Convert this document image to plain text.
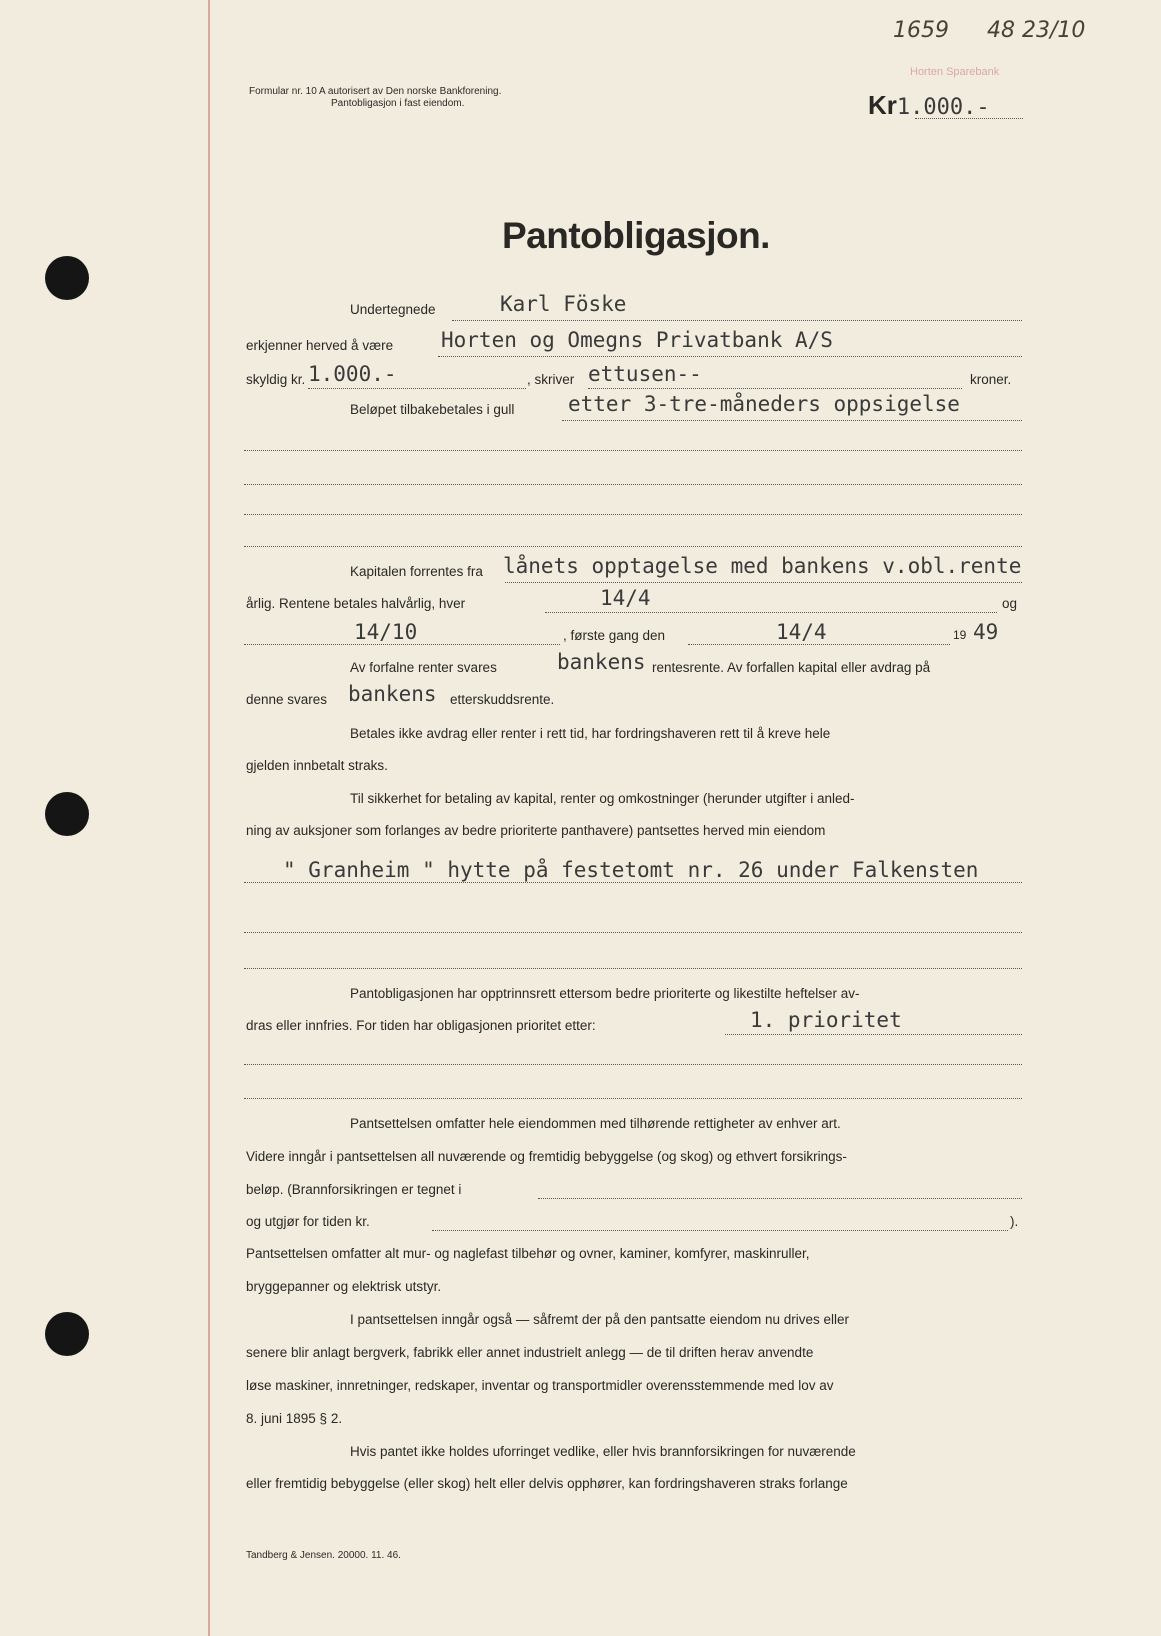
Formular nr. 10 A autorisert av Den norske Bankforening.
Pantobligasjon i fast eiendom.
1659 48 23/10
Horten Sparebank
Kr1.000.-
Pantobligasjon.
Undertegnede	Karl Föske
erkjenner herved å være Horten og Omegns Privatbank A/S
skyldig kr. 1.000.-	, skriver ettusen--	kroner.
Beløpet tilbakebetales i gull	etter 3-tre-måneders oppsigelse
Kapitalen forrentes fra lånets opptagelse med bankens v.obl.rente
årlig. Rentene betales halvårlig, hver	14/4	og
14/10	, første gang den	14/4	19 49
Av forfalne renter svares	bankens rentesrente. Av forfallen kapital eller avdrag på
denne svares bankens etterskuddsrente.
Betales ikke avdrag eller renter i rett tid, har fordringshaveren rett til å kreve hele
gjelden innbetalt straks.
Til sikkerhet for betaling av kapital, renter og omkostninger (herunder utgifter i anled-
ning av auksjoner som forlanges av bedre prioriterte panthavere) pantsettes herved min eiendom
" Granheim " hytte på festetomt nr. 26 under Falkensten
Pantobligasjonen har opptrinnsrett ettersom bedre prioriterte og likestilte heftelser av-
dras eller innfries. For tiden har obligasjonen prioritet etter:	1. prioritet
Pantsettelsen omfatter hele eiendommen med tilhørende rettigheter av enhver art.
Videre inngår i pantsettelsen all nuværende og fremtidig bebyggelse (og skog) og ethvert forsikrings-
beløp. (Brannforsikringen er tegnet i
og utgjør for tiden kr.	).
Pantsettelsen omfatter alt mur- og naglefast tilbehør og ovner, kaminer, komfyrer, maskinruller,
bryggepanner og elektrisk utstyr.
I pantsettelsen inngår også — såfremt der på den pantsatte eiendom nu drives eller
senere blir anlagt bergverk, fabrikk eller annet industrielt anlegg — de til driften herav anvendte
løse maskiner, innretninger, redskaper, inventar og transportmidler overensstemmende med lov av
8. juni 1895 § 2.
Hvis pantet ikke holdes uforringet vedlike, eller hvis brannforsikringen for nuværende
eller fremtidig bebyggelse (eller skog) helt eller delvis opphører, kan fordringshaveren straks forlange
Tandberg & Jensen. 20000. 11. 46.
